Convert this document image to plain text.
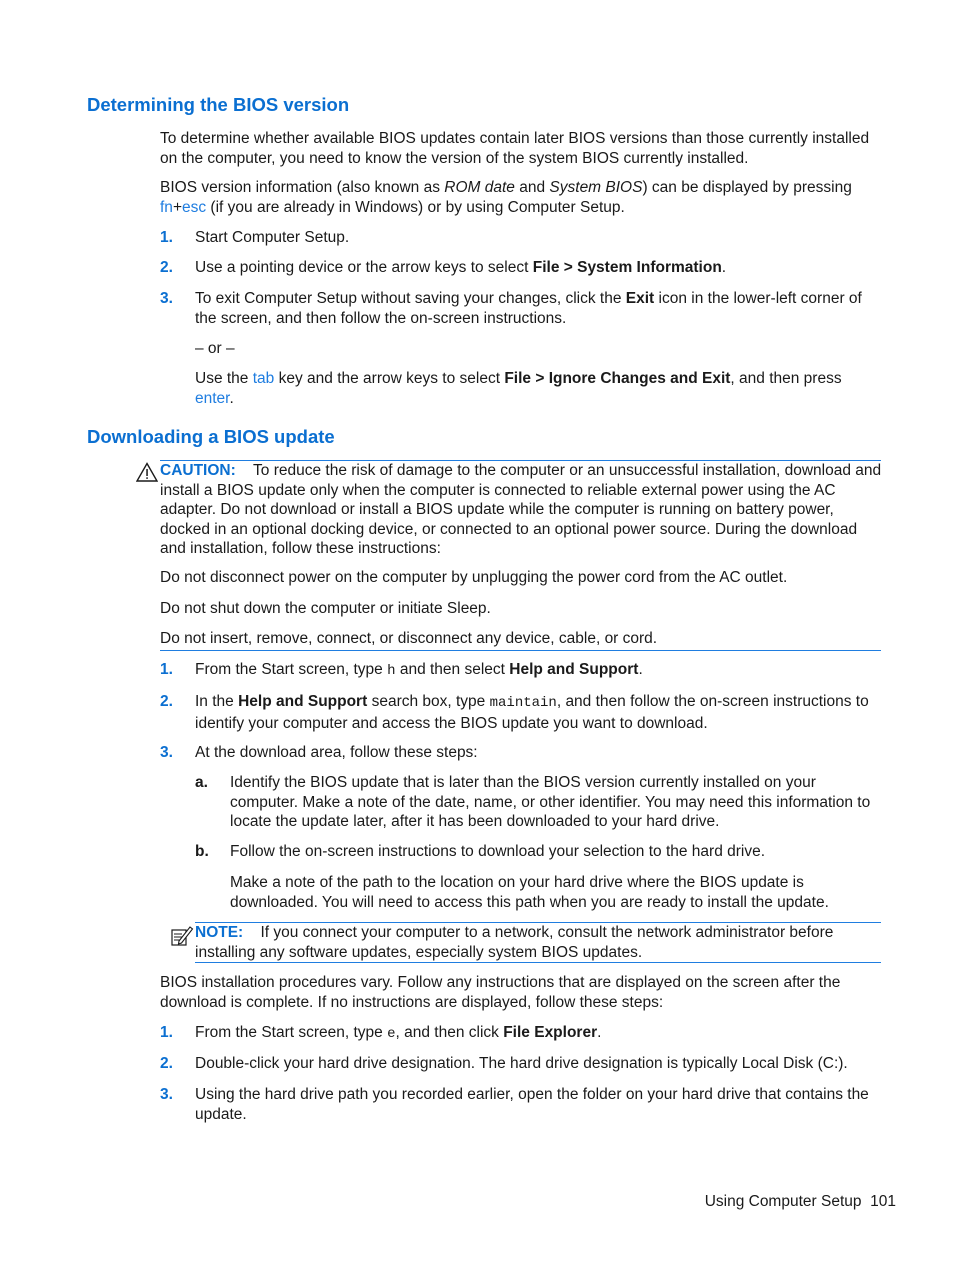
Determining the BIOS version
To determine whether available BIOS updates contain later BIOS versions than those currently installed on the computer, you need to know the version of the system BIOS currently installed.
BIOS version information (also known as ROM date and System BIOS) can be displayed by pressing
fn+esc (if you are already in Windows) or by using Computer Setup.
1.	Start Computer Setup.
2.	Use a pointing device or the arrow keys to select File > System Information.
3.	To exit Computer Setup without saving your changes, click the Exit icon in the lower-left corner of the screen, and then follow the on-screen instructions.
– or –
Use the tab key and the arrow keys to select File > Ignore Changes and Exit, and then press
enter.
Downloading a BIOS update
CAUTION: To reduce the risk of damage to the computer or an unsuccessful installation, download and install a BIOS update only when the computer is connected to reliable external power using the AC adapter. Do not download or install a BIOS update while the computer is running on battery power, docked in an optional docking device, or connected to an optional power source. During the download and installation, follow these instructions:
Do not disconnect power on the computer by unplugging the power cord from the AC outlet.
Do not shut down the computer or initiate Sleep.
Do not insert, remove, connect, or disconnect any device, cable, or cord.
1.	From the Start screen, type h and then select Help and Support.
2.	In the Help and Support search box, type maintain, and then follow the on-screen instructions to identify your computer and access the BIOS update you want to download.
3.	At the download area, follow these steps:
a. Identify the BIOS update that is later than the BIOS version currently installed on your computer. Make a note of the date, name, or other identifier. You may need this information to locate the update later, after it has been downloaded to your hard drive.
b. Follow the on-screen instructions to download your selection to the hard drive.
Make a note of the path to the location on your hard drive where the BIOS update is downloaded. You will need to access this path when you are ready to install the update.
NOTE: If you connect your computer to a network, consult the network administrator before installing any software updates, especially system BIOS updates.
BIOS installation procedures vary. Follow any instructions that are displayed on the screen after the download is complete. If no instructions are displayed, follow these steps:
1.	From the Start screen, type e, and then click File Explorer.
2.	Double-click your hard drive designation. The hard drive designation is typically Local Disk (C:).
3.	Using the hard drive path you recorded earlier, open the folder on your hard drive that contains the update.
Using Computer Setup 101
